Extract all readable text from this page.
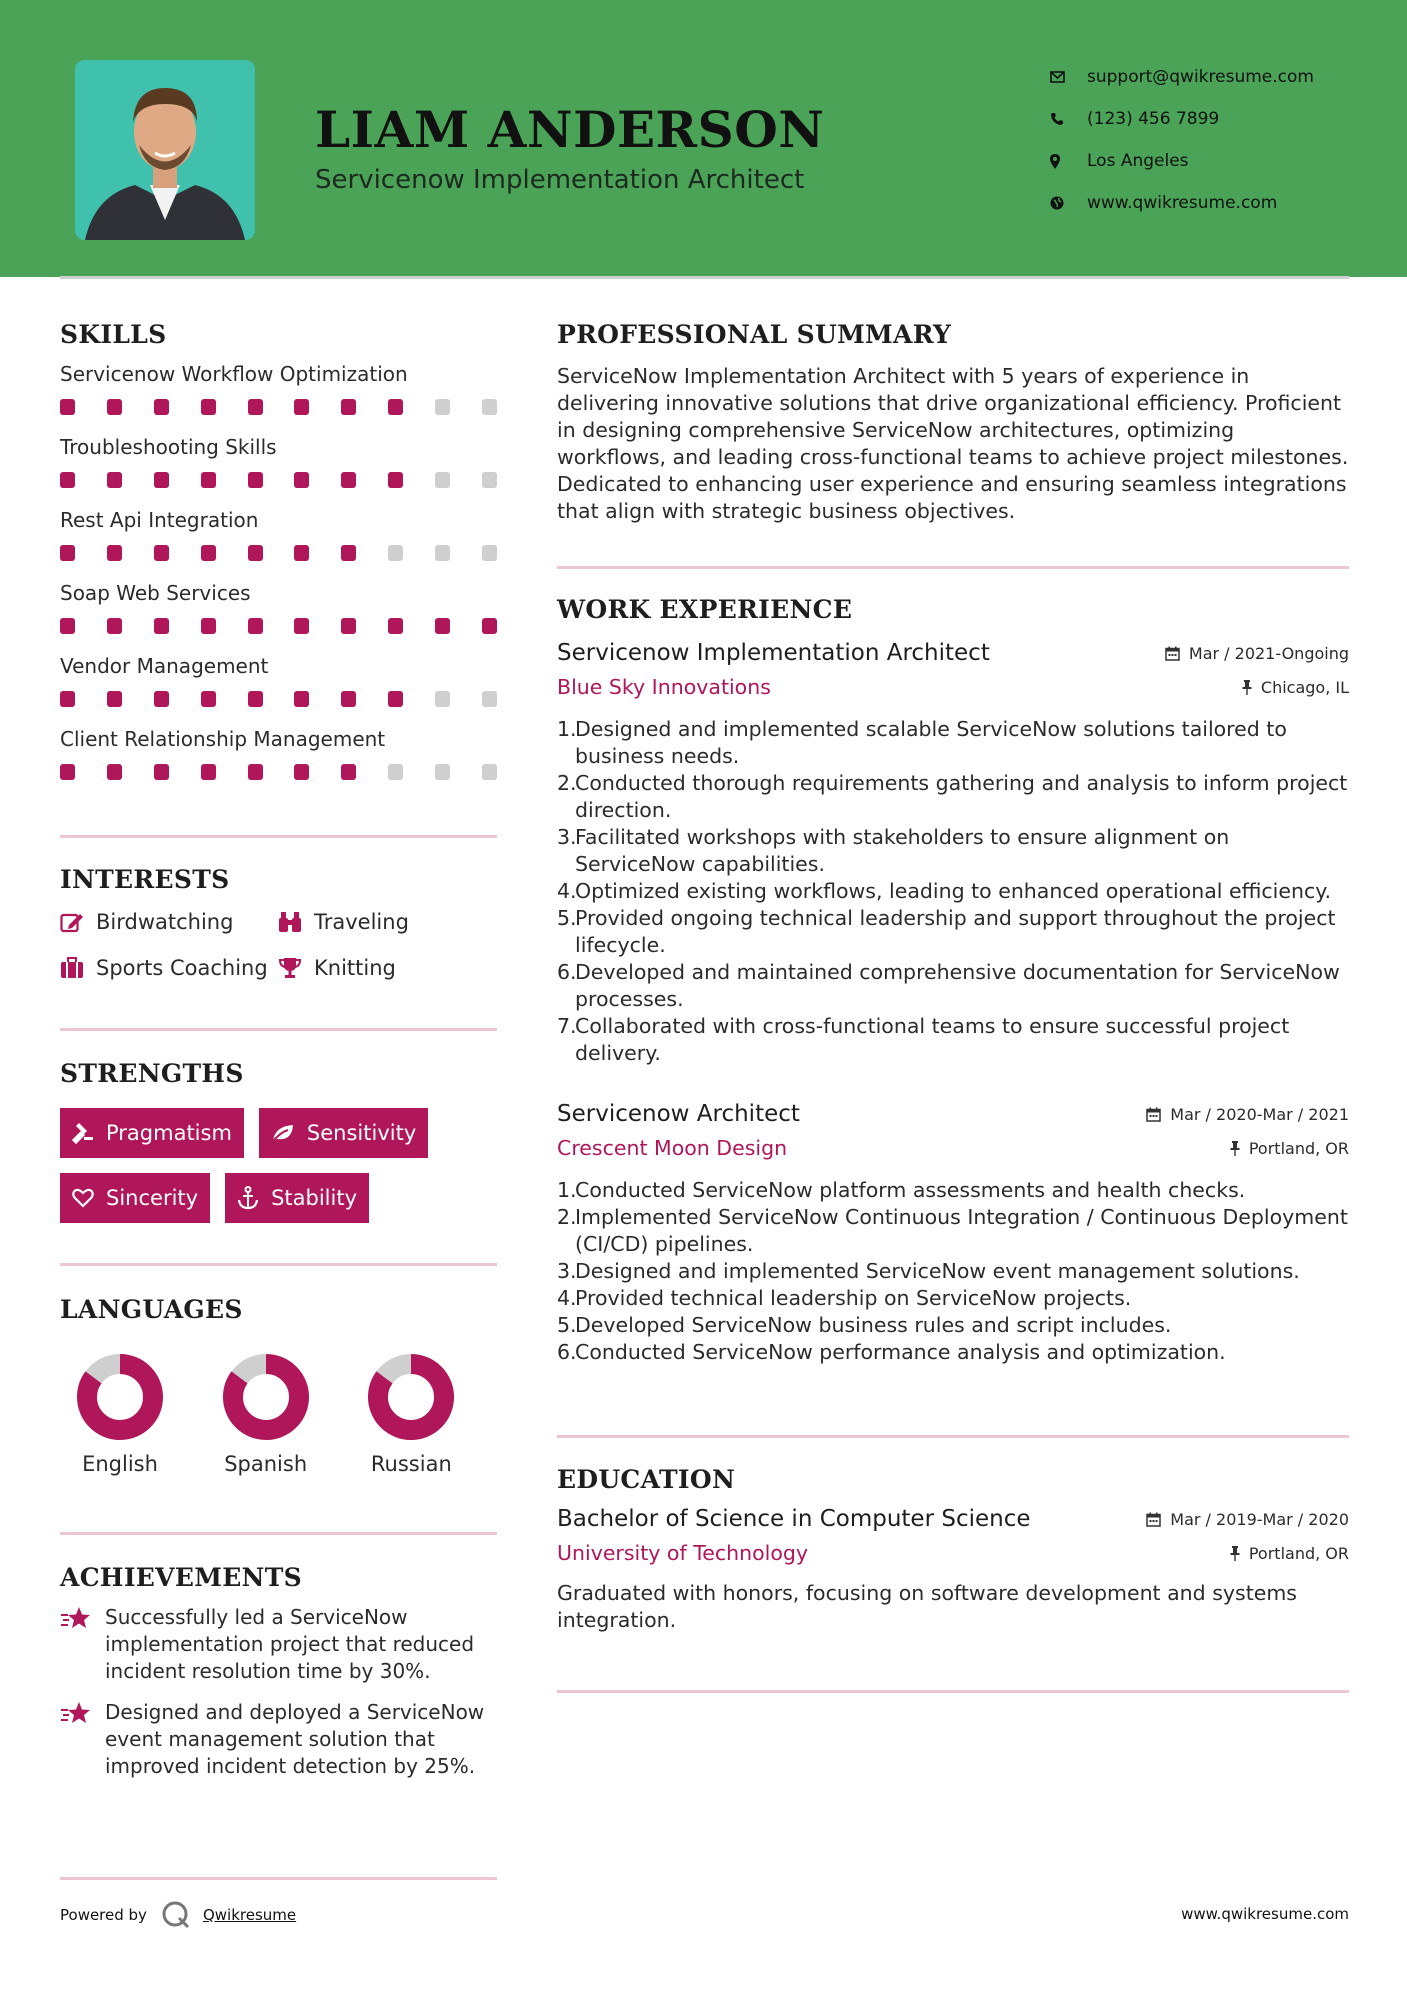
LIAM ANDERSON
Servicenow Implementation Architect
support@qwikresume.com
(123) 456 7899
Los Angeles
www.qwikresume.com
SKILLS
Servicenow Workflow Optimization
Troubleshooting Skills
Rest Api Integration
Soap Web Services
Vendor Management
Client Relationship Management
INTERESTS
Birdwatching	Traveling
Sports Coaching Knitting
STRENGTHS
Pragmatism	Sensitivity
Sincerity	Stability
LANGUAGES
English	Spanish	Russian
ACHIEVEMENTS
Successfully led a ServiceNow implementation project that reduced incident resolution time by 30%.
Designed and deployed a ServiceNow event management solution that improved incident detection by 25%.
Powered by	Qwikresume	www.qwikresume.com
PROFESSIONAL SUMMARY
ServiceNow Implementation Architect with 5 years of experience in delivering innovative solutions that drive organizational efficiency. Proficient in designing comprehensive ServiceNow architectures, optimizing workflows, and leading cross-functional teams to achieve project milestones. Dedicated to enhancing user experience and ensuring seamless integrations that align with strategic business objectives.
WORK EXPERIENCE
Servicenow Implementation Architect	Mar / 2021-Ongoing
Blue Sky Innovations	Chicago, IL
1.
Designed and implemented scalable ServiceNow solutions tailored to business needs.
2.
Conducted thorough requirements gathering and analysis to inform project direction.
3.
Facilitated workshops with stakeholders to ensure alignment on ServiceNow capabilities.
4.
Optimized existing workflows, leading to enhanced operational efficiency.
5.
Provided ongoing technical leadership and support throughout the project lifecycle.
6.
Developed and maintained comprehensive documentation for ServiceNow processes.
7.
Collaborated with cross-functional teams to ensure successful project delivery.
Servicenow Architect	Mar / 2020-Mar / 2021
Crescent Moon Design	Portland, OR
1.
Conducted ServiceNow platform assessments and health checks.
2.
Implemented ServiceNow Continuous Integration / Continuous Deployment (CI/CD) pipelines.
3.
Designed and implemented ServiceNow event management solutions.
4.
Provided technical leadership on ServiceNow projects.
5.
Developed ServiceNow business rules and script includes.
6.
Conducted ServiceNow performance analysis and optimization.
EDUCATION
Bachelor of Science in Computer Science	Mar / 2019-Mar / 2020
University of Technology	Portland, OR
Graduated with honors, focusing on software development and systems integration.
